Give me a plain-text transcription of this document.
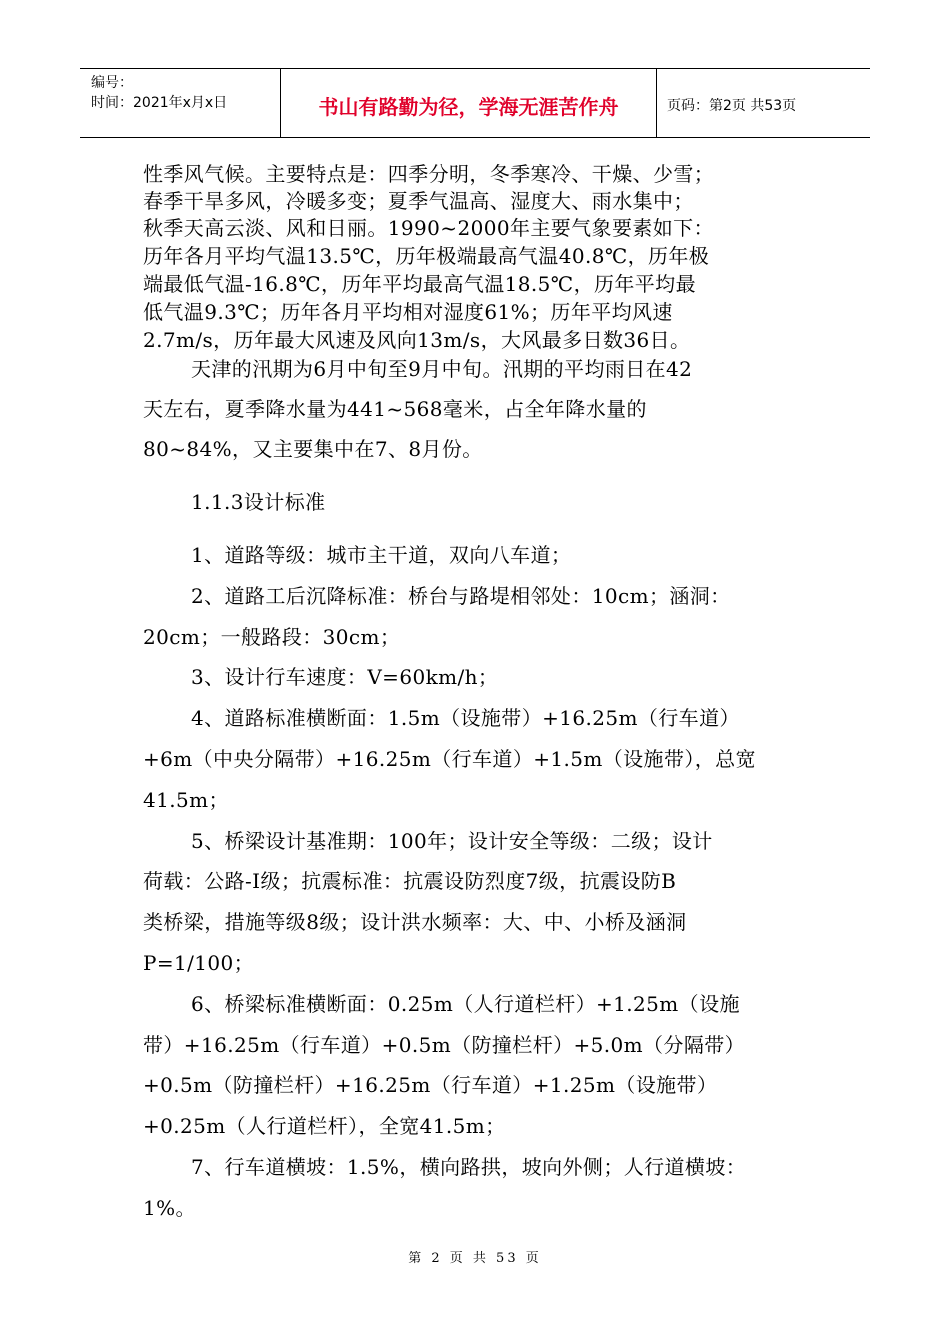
编号：
时间：2021年x月x日	书山有路勤为径，学海无涯苦作舟	页码：第2页 共53页
性季风气候。主要特点是：四季分明，冬季寒冷、干燥、少雪；
春季干旱多风，冷暖多变；夏季气温高、湿度大、雨水集中；
秋季天高云淡、风和日丽。1990~2000年主要气象要素如下：
历年各月平均气温13.5℃，历年极端最高气温40.8℃，历年极
端最低气温-16.8℃，历年平均最高气温18.5℃，历年平均最
低气温9.3℃；历年各月平均相对湿度61%；历年平均风速
2.7m/s，历年最大风速及风向13m/s，大风最多日数36日。
天津的汛期为6月中旬至9月中旬。汛期的平均雨日在42
天左右，夏季降水量为441~568毫米，占全年降水量的
80~84%，又主要集中在7、8月份。
1.1.3设计标准
1、道路等级：城市主干道，双向八车道；
2、道路工后沉降标准：桥台与路堤相邻处：10cm；涵洞：
20cm；一般路段：30cm；
3、设计行车速度：V=60km/h；
4、道路标准横断面：1.5m（设施带）+16.25m（行车道）
+6m（中央分隔带）+16.25m（行车道）+1.5m（设施带），总宽
41.5m；
5、桥梁设计基准期：100年；设计安全等级：二级；设计
荷载：公路-I级；抗震标准：抗震设防烈度7级，抗震设防B
类桥梁，措施等级8级；设计洪水频率：大、中、小桥及涵洞
P=1/100；
6、桥梁标准横断面：0.25m（人行道栏杆）+1.25m（设施
带）+16.25m（行车道）+0.5m（防撞栏杆）+5.0m（分隔带）
+0.5m（防撞栏杆）+16.25m（行车道）+1.25m（设施带）
+0.25m（人行道栏杆），全宽41.5m；
7、行车道横坡：1.5%，横向路拱，坡向外侧；人行道横坡：
1%。
第 2 页 共 53 页
